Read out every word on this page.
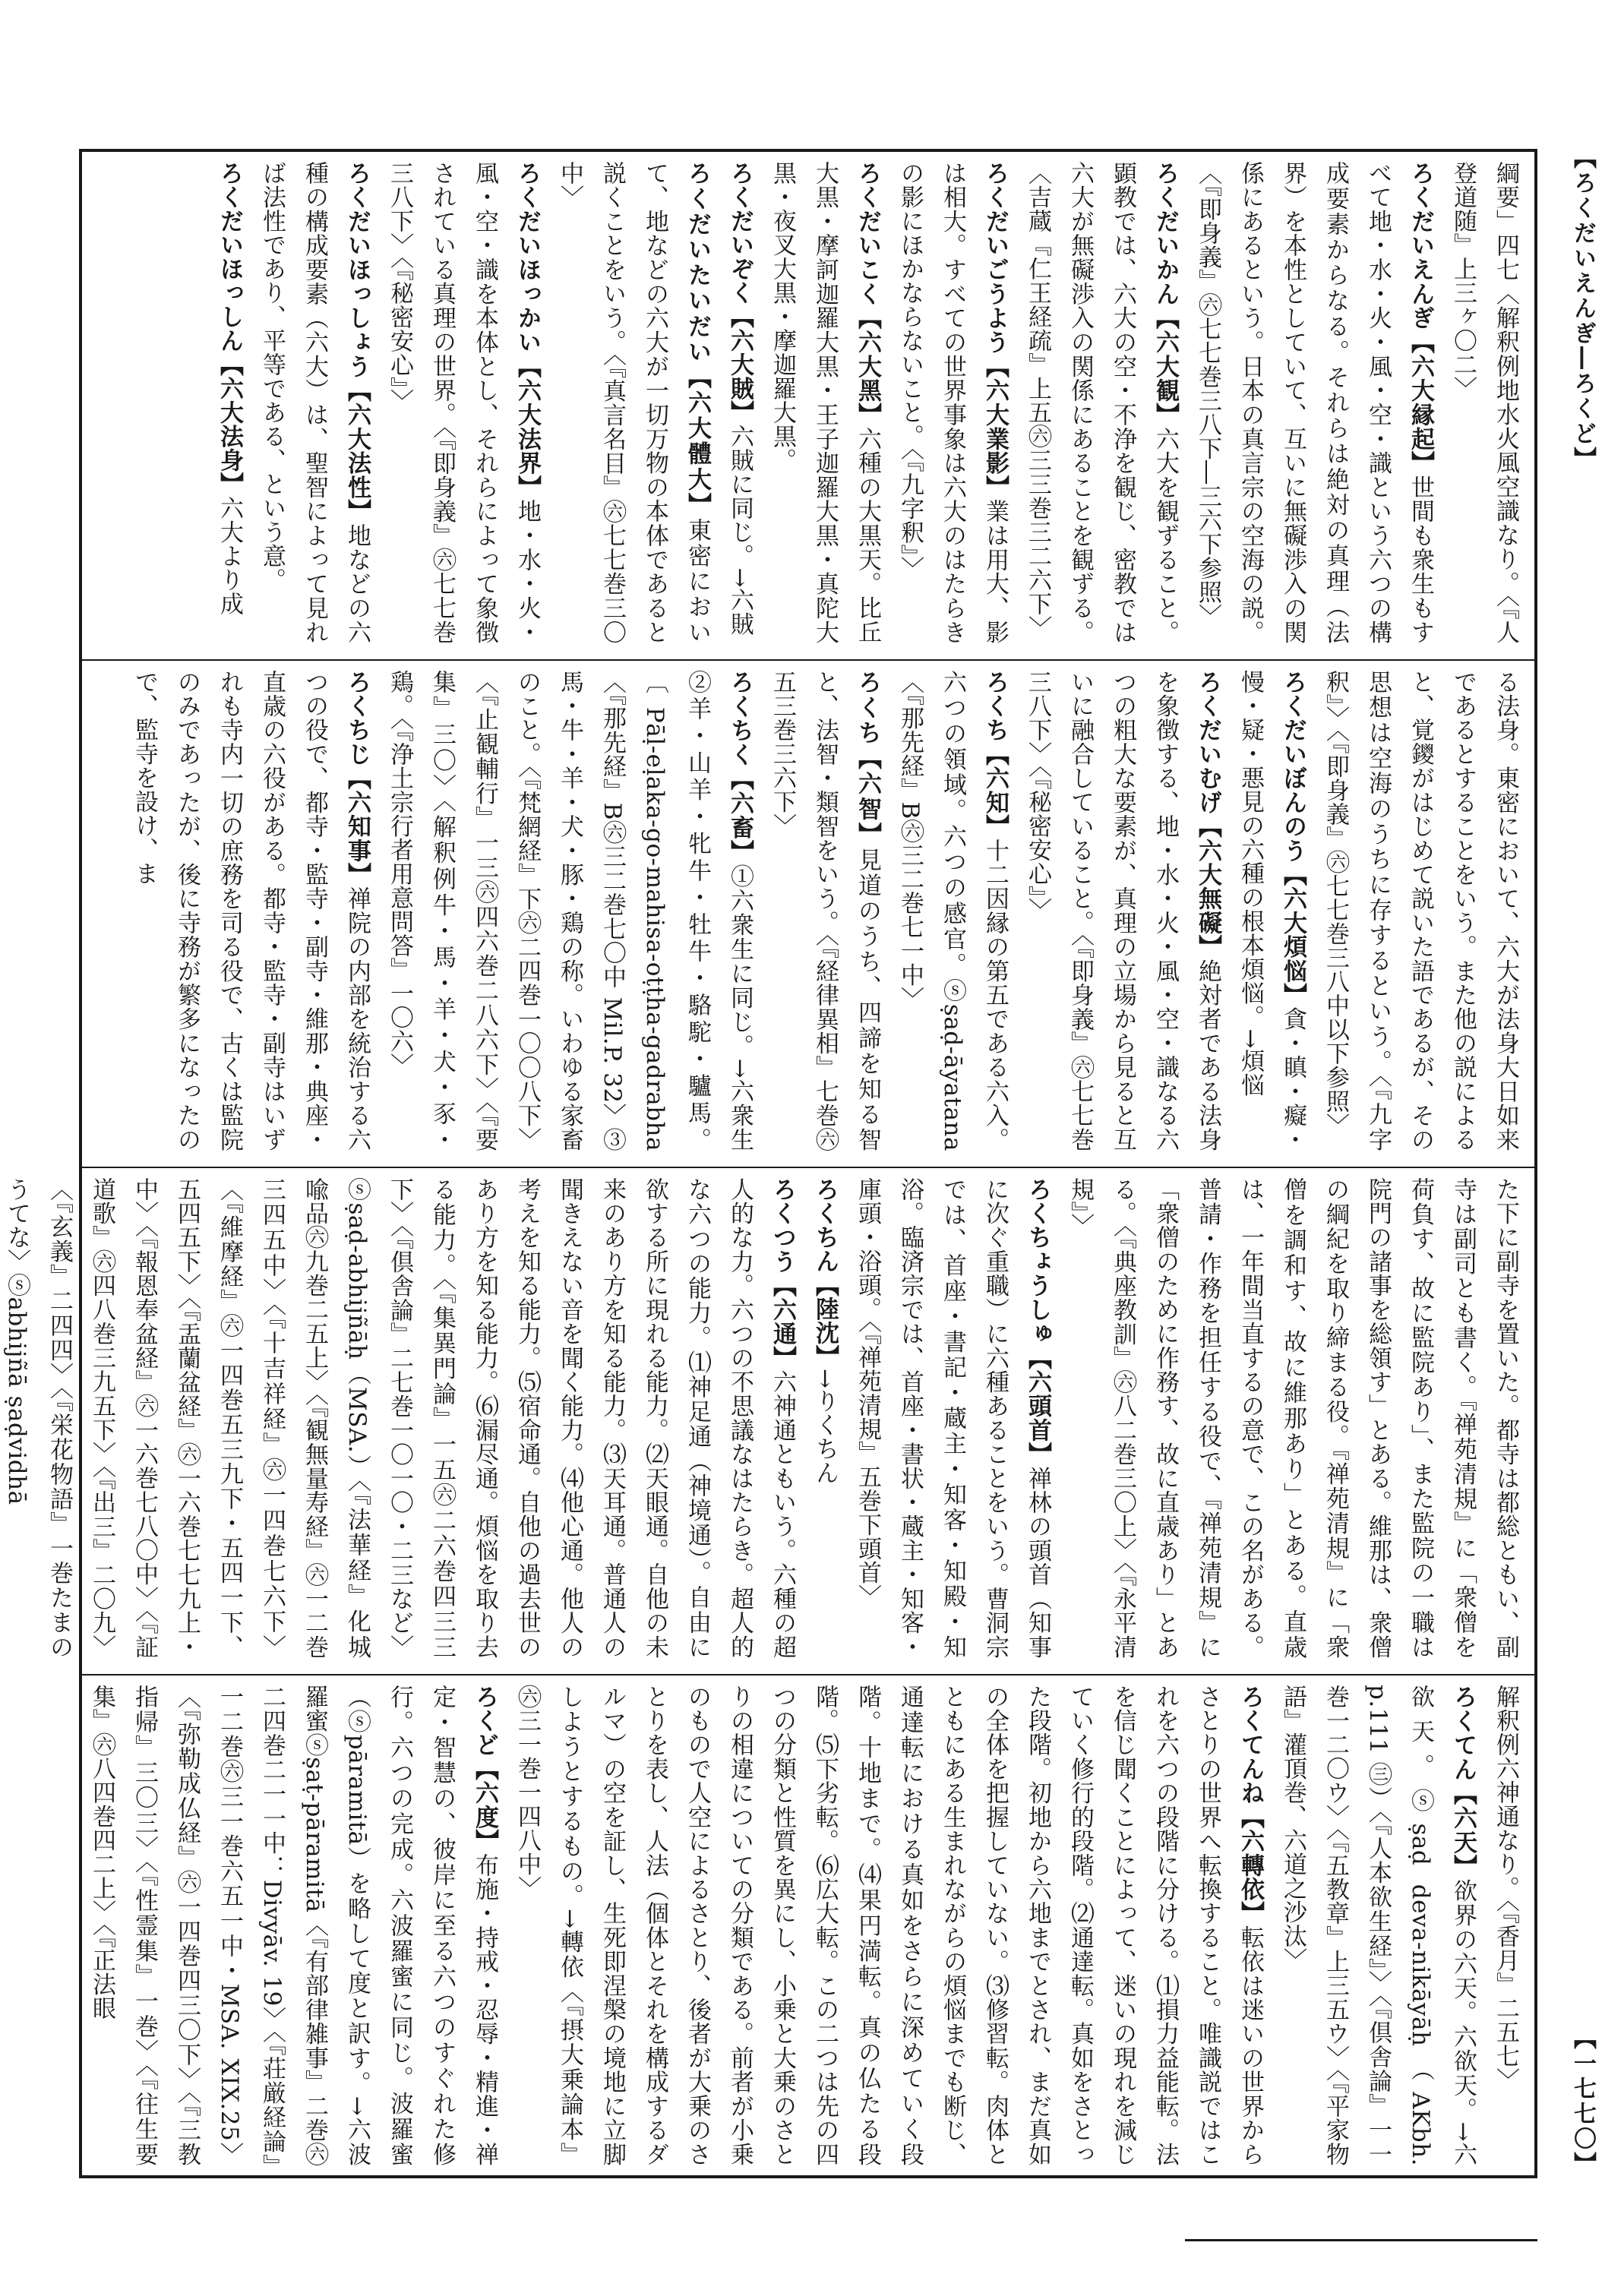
【ろくだいえんぎ―ろくど】
【一七七〇】
綱要」四七〈解釈例地水火風空識なり。〈『人登道随』上三ヶ〇二〉
ろくだいえんぎ【六大縁起】世間も衆生もすべて地・水・火・風・空・識という六つの構成要素からなる。それらは絶対の真理（法界）を本性としていて、互いに無礙渉入の関係にあるという。日本の真言宗の空海の説。〈『即身義』㊅七七巻三八下―三六下参照〉
ろくだいかん【六大観】六大を観ずること。顕教では、六大の空・不浄を観じ、密教では六大が無礙渉入の関係にあることを観ずる。〈吉蔵『仁王経疏』上五㊅三三巻三二六下〉
ろくだいごうよう【六大業影】業は用大、影は相大。すべての世界事象は六大のはたらきの影にほかならないこと。〈『九字釈』〉
ろくだいこく【六大黑】六種の大黒天。比丘大黒・摩訶迦羅大黒・王子迦羅大黒・真陀大黒・夜叉大黒・摩迦羅大黒。
ろくだいぞく【六大賊】六賊に同じ。→六賊
ろくだいたいだい【六大體大】東密において、地などの六大が一切万物の本体であると説くことをいう。〈『真言名目』㊅七七巻三〇中〉
ろくだいほっかい【六大法界】地・水・火・風・空・識を本体とし、それらによって象徴されている真理の世界。〈『即身義』㊅七七巻三八下〉〈『秘密安心』〉
ろくだいほっしょう【六大法性】地などの六種の構成要素（六大）は、聖智によって見れば法性であり、平等である、という意。
ろくだいほっしん【六大法身】六大より成

る法身。東密において、六大が法身大日如来であるとすることをいう。また他の説によると、覚鑁がはじめて説いた語であるが、その思想は空海のうちに存するという。〈『九字釈』〉〈『即身義』㊅七七巻三八中以下参照〉
ろくだいぼんのう【六大煩悩】貪・瞋・癡・慢・疑・悪見の六種の根本煩悩。→煩悩
ろくだいむげ【六大無礙】絶対者である法身を象徴する、地・水・火・風・空・識なる六つの粗大な要素が、真理の立場から見ると互いに融合していること。〈『即身義』㊅七七巻三八下〉〈『秘密安心』〉
ろくち【六知】十二因縁の第五である六入。六つの領域。六つの感官。ⓢṣaḍ-āyatana〈『那先経』B㊅三二巻七一中〉
ろくち【六智】見道のうち、四諦を知る智と、法智・類智をいう。〈『経律異相』七巻㊅五三巻三六下〉
ろくちく【六畜】①六衆生に同じ。→六衆生 ②羊・山羊・牝牛・牡牛・駱駝・驢馬。〔Pāḷ-eḷaka-go-mahisa-oṭṭha-gadrabha〈『那先経』B㊅三二巻七〇中 Mil.P. 32〉③馬・牛・羊・犬・豚・鶏の称。いわゆる家畜のこと。〈『梵網経』下㊅二四巻一〇〇八下〉〈『止観輔行』一三㊅四六巻二八六下〉〈『要集』三〇〉〈解釈例牛・馬・羊・犬・豕・鶏。〈『浄土宗行者用意問答』一〇六〉
ろくちじ【六知事】禅院の内部を統治する六つの役で、都寺・監寺・副寺・維那・典座・直歳の六役がある。都寺・監寺・副寺はいずれも寺内一切の庶務を司る役で、古くは監院のみであったが、後に寺務が繁多になったので、監寺を設け、ま

た下に副寺を置いた。都寺は都総ともい、副寺は副司とも書く。『禅苑清規』に「衆僧を荷負す、故に監院あり」、また監院の一職は院門の諸事を総領す」とある。維那は、衆僧の綱紀を取り締まる役。『禅苑清規』に「衆僧を調和す、故に維那あり」とある。直歳は、一年間当直するの意で、この名がある。普請・作務を担任する役で、『禅苑清規』に「衆僧のために作務す、故に直歳あり」とある。〈『典座教訓』㊅八二巻三〇上〉〈『永平清規』〉
ろくちょうしゅ【六頭首】禅林の頭首（知事に次ぐ重職）に六種あることをいう。曹洞宗では、首座・書記・蔵主・知客・知殿・知浴。臨済宗では、首座・書状・蔵主・知客・庫頭・浴頭。〈『禅苑清規』五巻下頭首〉
ろくちん【陸沈】→りくちん
ろくつう【六通】六神通ともいう。六種の超人的な力。六つの不思議なはたらき。超人的な六つの能力。⑴神足通（神境通）。自由に欲する所に現れる能力。⑵天眼通。自他の未来のあり方を知る能力。⑶天耳通。普通人の聞きえない音を聞く能力。⑷他心通。他人の考えを知る能力。⑸宿命通。自他の過去世のあり方を知る能力。⑹漏尽通。煩悩を取り去る能力。〈『集異門論』一五㊅二六巻四三三下〉〈『倶舎論』二七巻一〇一〇・二三など〉ⓢṣaḍ-abhijñāḥ（MSA.）〈『法華経』化城喩品㊅九巻二五上〉〈『観無量寿経』㊅一二巻三四五中〉〈『十吉祥経』㊅一四巻七六下〉〈『維摩経』㊅一四巻五三九下・五四一下、五四五下〉〈『盂蘭盆経』㊅一六巻七七九上・中〉〈『報恩奉盆経』㊅一六巻七八〇中〉〈『証道歌』㊅四八巻三九五下〉〈『出三』二〇九〉〈『玄義』二四四〉〈『栄花物語』一巻たまのうてな〉ⓢabhijñā ṣaḍvidhā

解釈例六神通なり。〈『香月』二五七〉
ろくてん【六天】欲界の六天。六欲天。→六欲天。ⓢṣaḍ deva-nikāyāḥ（AKbh. p.111 ㊂）〈『人本欲生経』〉〈『倶舎論』一一巻一二〇ウ〉〈『五教章』上三五ウ〉〈『平家物語』灌頂巻、六道之沙汰〉
ろくてんね【六轉依】転依は迷いの世界からさとりの世界へ転換すること。唯識説ではこれを六つの段階に分ける。⑴損力益能転。法を信じ聞くことによって、迷いの現れを減じていく修行的段階。⑵通達転。真如をさとった段階。初地から六地までとされ、まだ真如の全体を把握していない。⑶修習転。肉体とともにある生まれながらの煩悩までも断じ、通達転における真如をさらに深めていく段階。十地まで。⑷果円満転。真の仏たる段階。⑸下劣転。⑹広大転。この二つは先の四つの分類と性質を異にし、小乗と大乗のさとりの相違についての分類である。前者が小乗のもので人空によるさとり、後者が大乗のさとりを表し、人法（個体とそれを構成するダルマ）の空を証し、生死即涅槃の境地に立脚しようとするもの。→轉依〈『摂大乗論本』㊅三一巻一四八中〉
ろくど【六度】布施・持戒・忍辱・精進・禅定・智慧の、彼岸に至る六つのすぐれた修行。六つの完成。六波羅蜜に同じ。波羅蜜（ⓢpāramitā）を略して度と訳す。→六波羅蜜ⓢṣaṭ-pāramitā〈『有部律雑事』二巻㊅二四巻二一一中：Divyāv. 19〉〈『荘厳経論』一二巻㊅三一巻六五一中・MSA. XIX.25〉〈『弥勒成仏経』㊅一四巻四三〇下〉〈『三教指帰』三〇三〉〈『性霊集』一巻〉〈『往生要集』㊅八四巻四二上〉〈『正法眼
